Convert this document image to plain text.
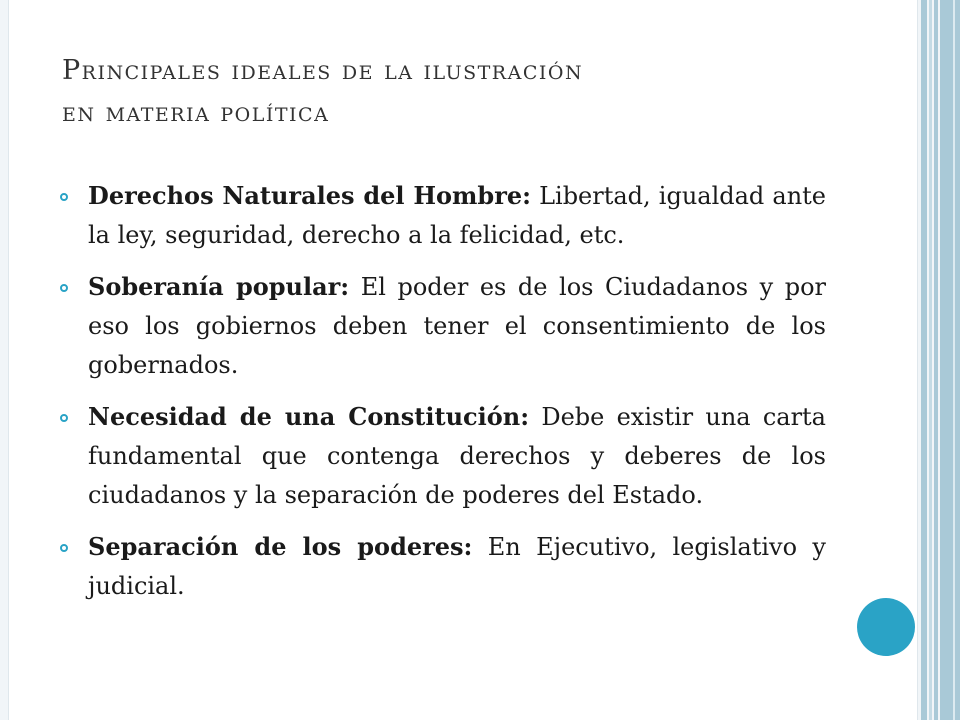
Principales ideales de la ilustración
en materia política
Derechos Naturales del Hombre: Libertad, igualdad ante la ley, seguridad, derecho a la felicidad, etc.
Soberanía popular: El poder es de los Ciudadanos y por eso los gobiernos deben tener el consentimiento de los gobernados.
Necesidad de una Constitución: Debe existir una carta fundamental que contenga derechos y deberes de los ciudadanos y la separación de poderes del Estado.
Separación de los poderes: En Ejecutivo, legislativo y judicial.
